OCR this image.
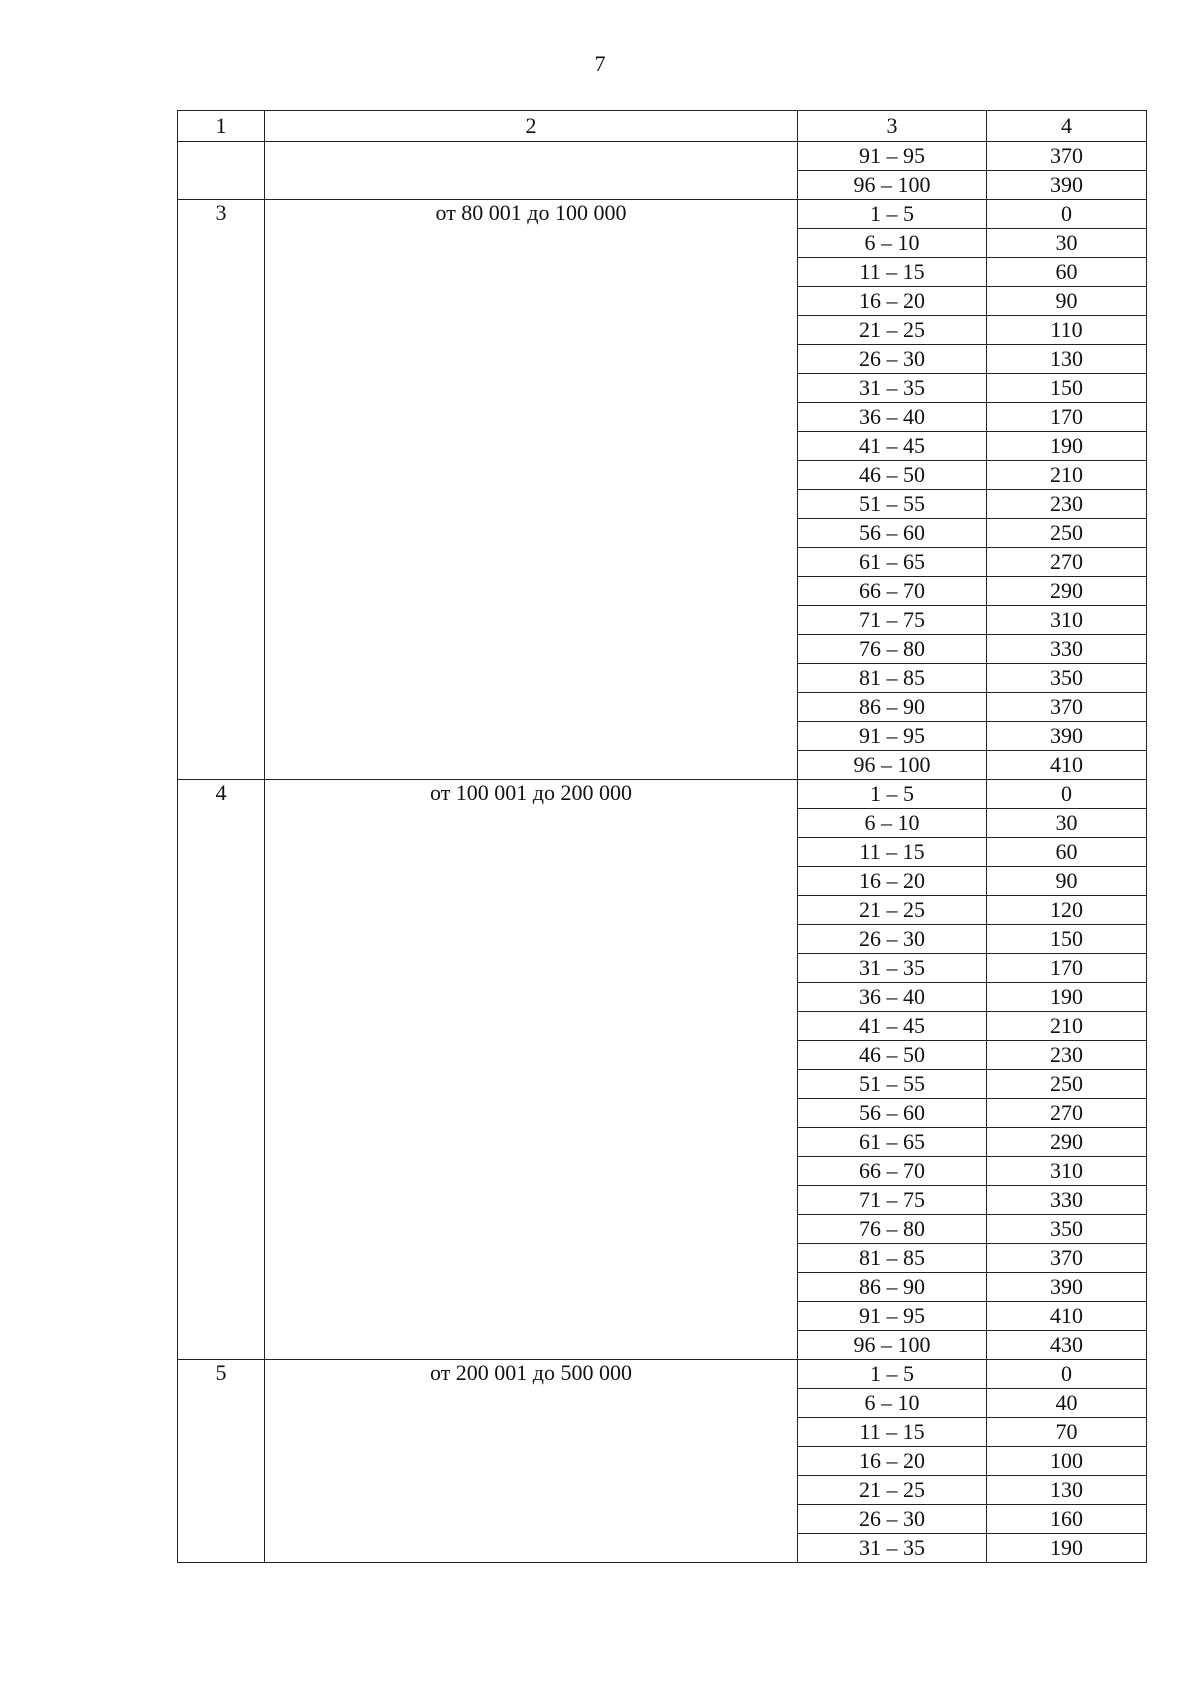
7
1	2	3	4
		91 – 95	370
		96 – 100	390
3	от 80 001 до 100 000	1 – 5	0
		6 – 10	30
		11 – 15	60
		16 – 20	90
		21 – 25	110
		26 – 30	130
		31 – 35	150
		36 – 40	170
		41 – 45	190
		46 – 50	210
		51 – 55	230
		56 – 60	250
		61 – 65	270
		66 – 70	290
		71 – 75	310
		76 – 80	330
		81 – 85	350
		86 – 90	370
		91 – 95	390
		96 – 100	410
4	от 100 001 до 200 000	1 – 5	0
		6 – 10	30
		11 – 15	60
		16 – 20	90
		21 – 25	120
		26 – 30	150
		31 – 35	170
		36 – 40	190
		41 – 45	210
		46 – 50	230
		51 – 55	250
		56 – 60	270
		61 – 65	290
		66 – 70	310
		71 – 75	330
		76 – 80	350
		81 – 85	370
		86 – 90	390
		91 – 95	410
		96 – 100	430
5	от 200 001 до 500 000	1 – 5	0
		6 – 10	40
		11 – 15	70
		16 – 20	100
		21 – 25	130
		26 – 30	160
		31 – 35	190
